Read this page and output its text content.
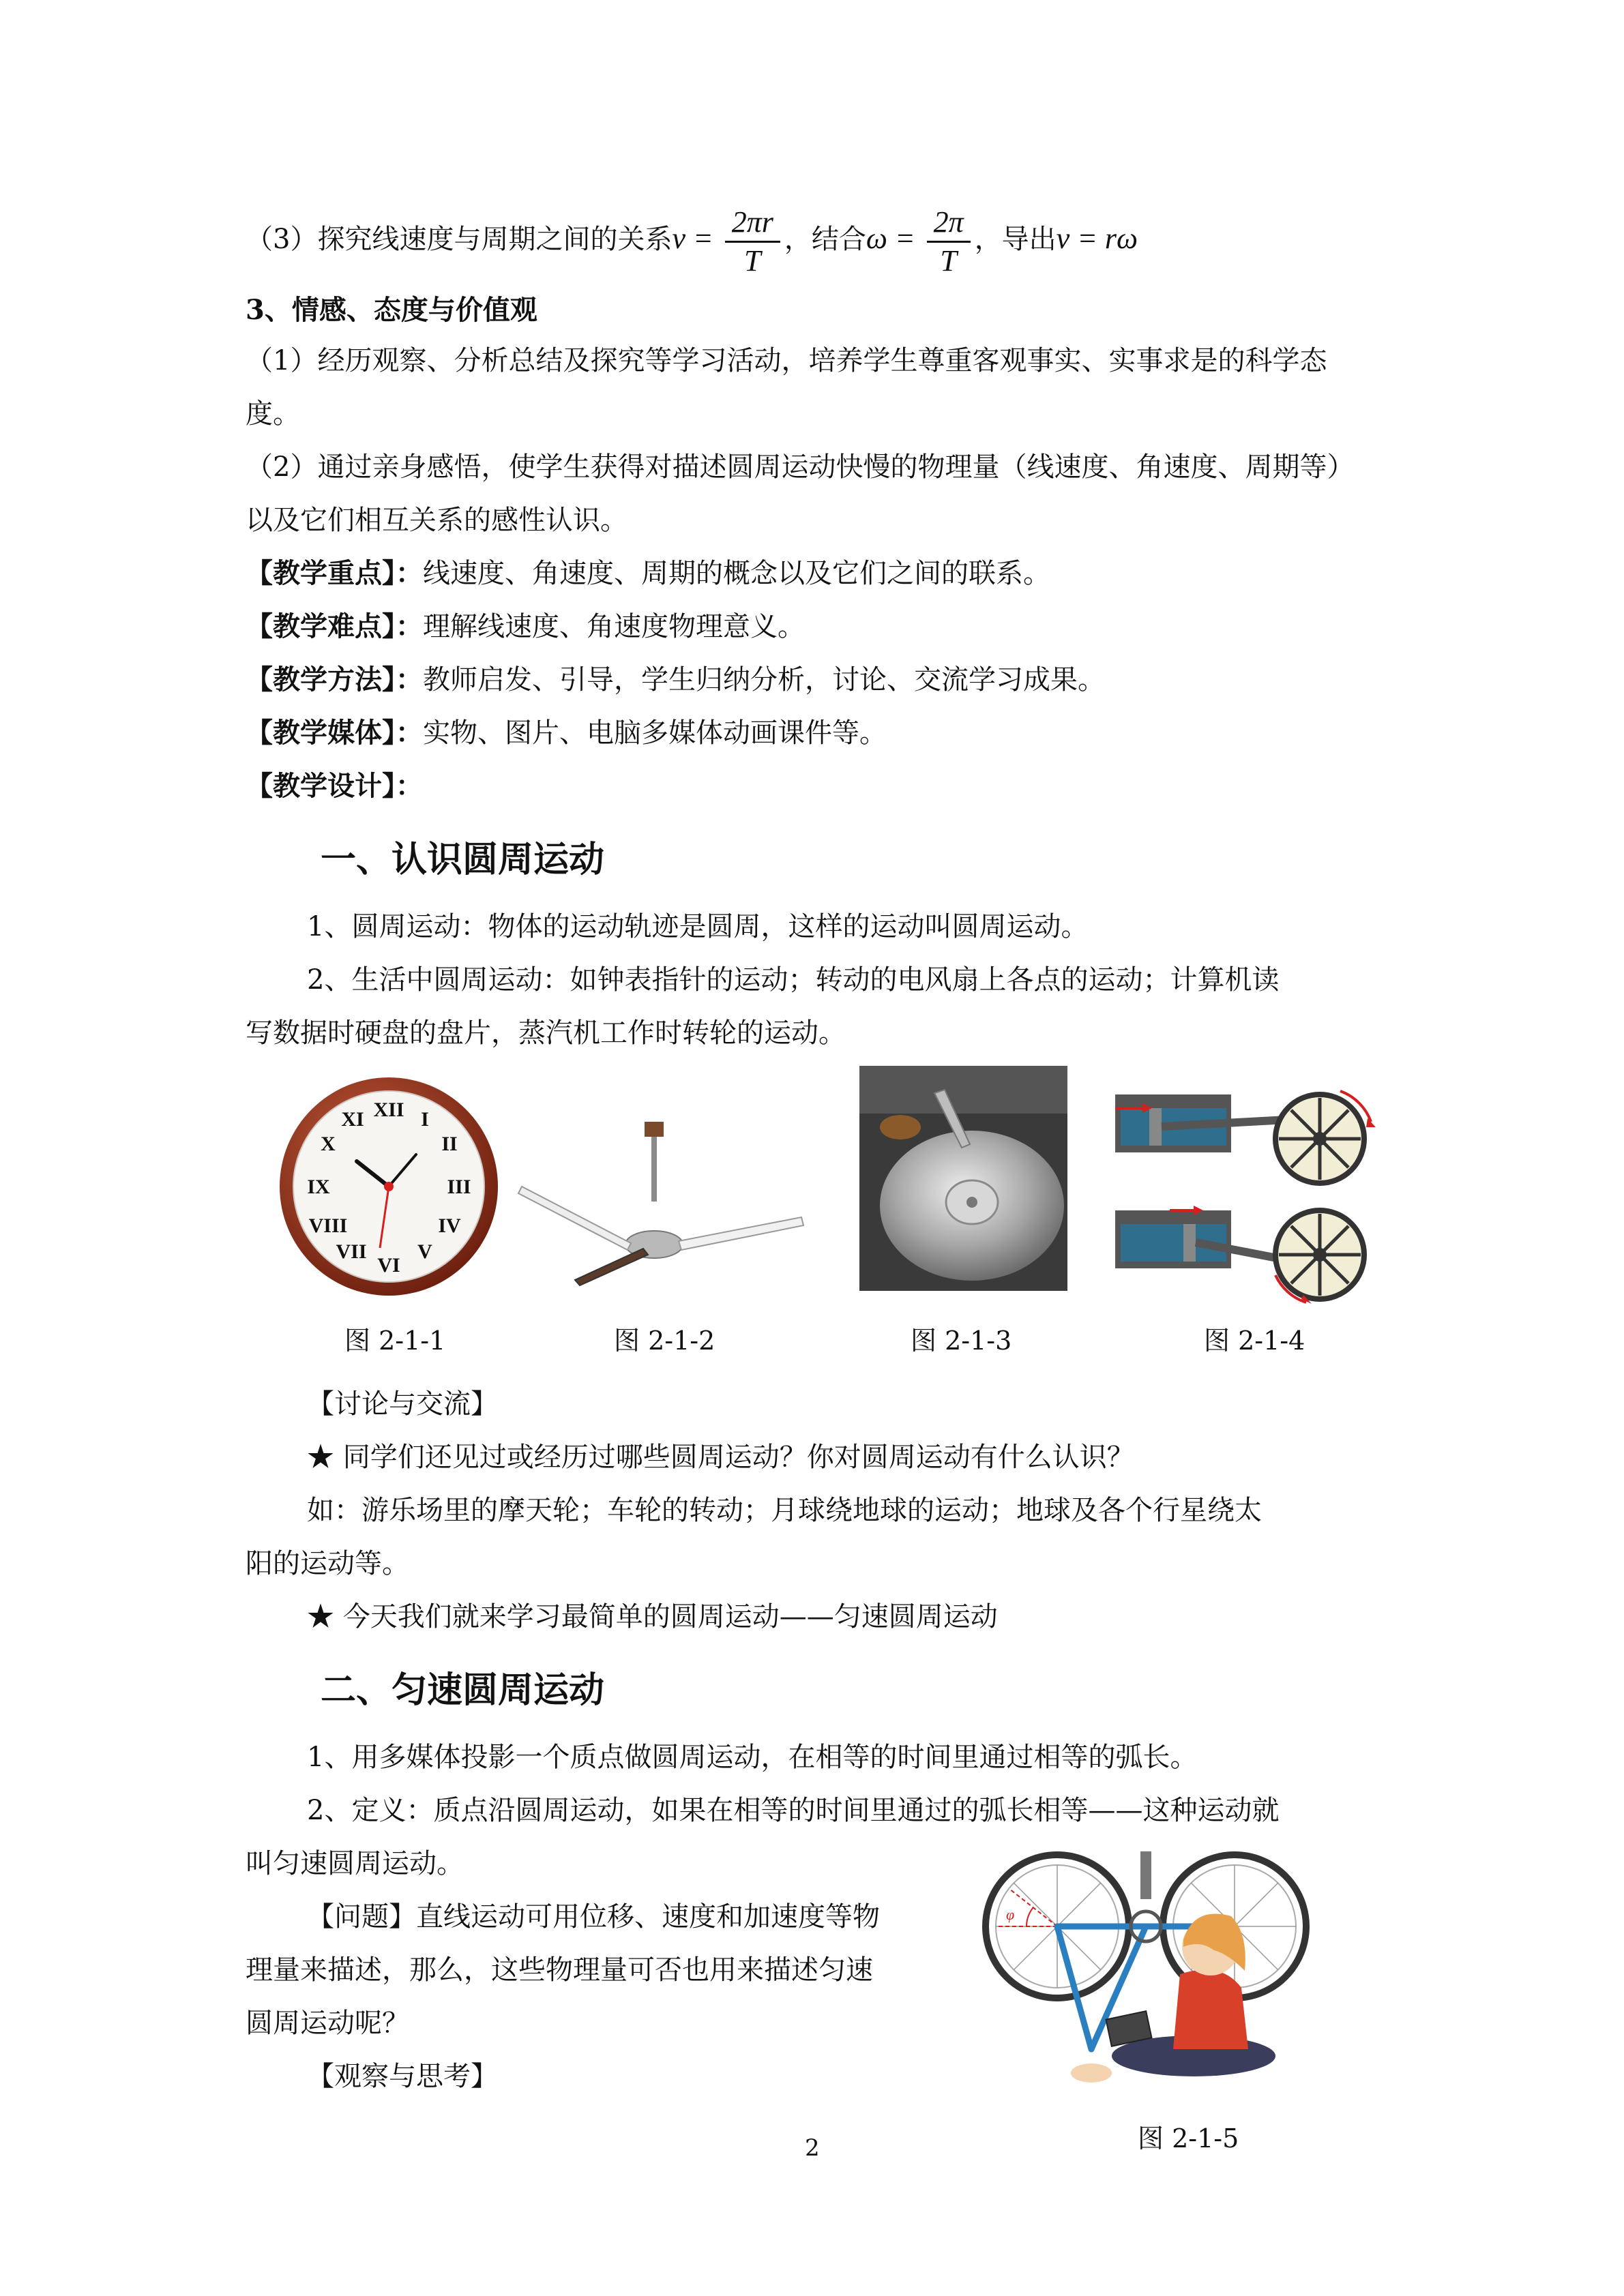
（3）探究线速度与周期之间的关系$v = \frac{2\pi r}{T}$ ，结合$\omega = \frac{2\pi}{T}$ ，导出v = rω
3、情感、态度与价值观
（1）经历观察、分析总结及探究等学习活动，培养学生尊重客观事实、实事求是的科学态度。
（2）通过亲身感悟，使学生获得对描述圆周运动快慢的物理量（线速度、角速度、周期等）以及它们相互关系的感性认识。
【教学重点】：线速度、角速度、周期的概念以及它们之间的联系。
【教学难点】：理解线速度、角速度物理意义。
【教学方法】：教师启发、引导，学生归纳分析，讨论、交流学习成果。
【教学媒体】：实物、图片、电脑多媒体动画课件等。
【教学设计】：
一、认识圆周运动
1、圆周运动：物体的运动轨迹是圆周，这样的运动叫圆周运动。
2、生活中圆周运动：如钟表指针的运动；转动的电风扇上各点的运动；计算机读
写数据时硬盘的盘片，蒸汽机工作时转轮的运动。
XII I
II
III
IV
V
VI
VII
VIII
IX
X
XI
图 2-1-1	图 2-1-2	图 2-1-3	图 2-1-4
【讨论与交流】
★ 同学们还见过或经历过哪些圆周运动？你对圆周运动有什么认识？
如：游乐场里的摩天轮；车轮的转动；月球绕地球的运动；地球及各个行星绕太
阳的运动等。
★ 今天我们就来学习最简单的圆周运动——匀速圆周运动
二、匀速圆周运动
1、用多媒体投影一个质点做圆周运动，在相等的时间里通过相等的弧长。
2、定义：质点沿圆周运动，如果在相等的时间里通过的弧长相等——这种运动就
叫匀速圆周运动。
【问题】直线运动可用位移、速度和加速度等物
理量来描述，那么，这些物理量可否也用来描述匀速
圆周运动呢？
【观察与思考】
φ
图 2-1-5
2
